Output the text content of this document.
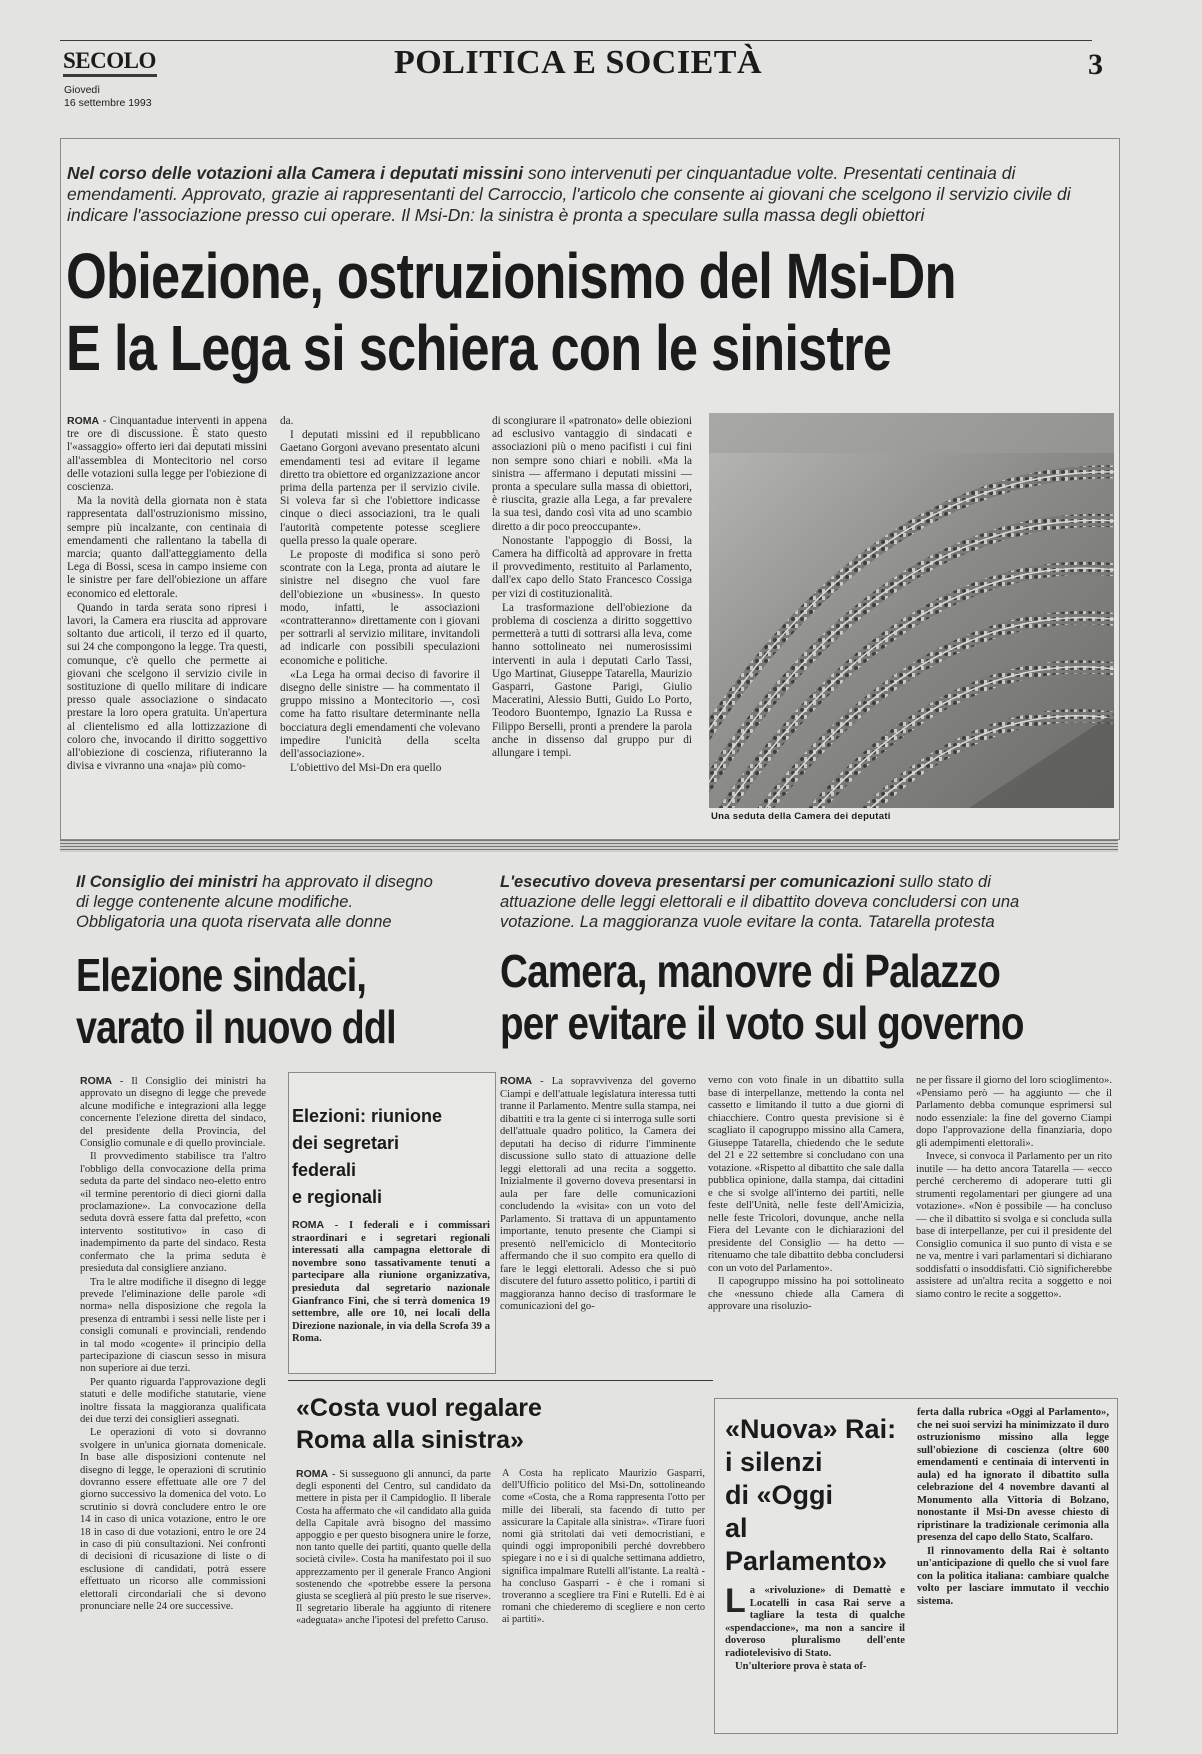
SECOLO
Giovedì
16 settembre 1993
POLITICA E SOCIETÀ	3
Nel corso delle votazioni alla Camera i deputati missini sono intervenuti per cinquantadue volte. Presentati centinaia di emendamenti. Approvato, grazie ai rappresentanti del Carroccio, l'articolo che consente ai giovani che scelgono il servizio civile di indicare l'associazione presso cui operare. Il Msi-Dn: la sinistra è pronta a speculare sulla massa degli obiettori
Obiezione, ostruzionismo del Msi-Dn
E la Lega si schiera con le sinistre

ROMA - Cinquantadue interventi in appena tre ore di discussione. È stato questo l'«assaggio» offerto ieri dai deputati missini all'assemblea di Montecitorio nel corso delle votazioni sulla legge per l'obiezione di coscienza.

Ma la novità della giornata non è stata rappresentata dall'ostruzionismo missino, sempre più incalzante, con centinaia di emendamenti che rallentano la tabella di marcia; quanto dall'atteggiamento della Lega di Bossi, scesa in campo insieme con le sinistre per fare dell'obiezione un affare economico ed elettorale.

Quando in tarda serata sono ripresi i lavori, la Camera era riuscita ad approvare soltanto due articoli, il terzo ed il quarto, sui 24 che compongono la legge. Tra questi, comunque, c'è quello che permette ai giovani che scelgono il servizio civile in sostituzione di quello militare di indicare presso quale associazione o sindacato prestare la loro opera gratuita. Un'apertura al clientelismo ed alla lottizzazione di coloro che, invocando il diritto soggettivo all'obiezione di coscienza, rifiuteranno la divisa e vivranno una «naja» più como-

da.

I deputati missini ed il repubblicano Gaetano Gorgoni avevano presentato alcuni emendamenti tesi ad evitare il legame diretto tra obiettore ed organizzazione ancor prima della partenza per il servizio civile. Si voleva far sì che l'obiettore indicasse cinque o dieci associazioni, tra le quali l'autorità competente potesse scegliere quella presso la quale operare.

Le proposte di modifica si sono però scontrate con la Lega, pronta ad aiutare le sinistre nel disegno che vuol fare dell'obiezione un «business». In questo modo, infatti, le associazioni «contratteranno» direttamente con i giovani per sottrarli al servizio militare, invitandoli ad indicarle con possibili speculazioni economiche e politiche.

«La Lega ha ormai deciso di favorire il disegno delle sinistre — ha commentato il gruppo missino a Montecitorio —, così come ha fatto risultare determinante nella bocciatura degli emendamenti che volevano impedire l'unicità della scelta dell'associazione».

L'obiettivo del Msi-Dn era quello

di scongiurare il «patronato» delle obiezioni ad esclusivo vantaggio di sindacati e associazioni più o meno pacifisti i cui fini non sempre sono chiari e nobili. «Ma la sinistra — affermano i deputati missini — pronta a speculare sulla massa di obiettori, è riuscita, grazie alla Lega, a far prevalere la sua tesi, dando così vita ad uno scambio diretto a dir poco preoccupante».

Nonostante l'appoggio di Bossi, la Camera ha difficoltà ad approvare in fretta il provvedimento, restituito al Parlamento, dall'ex capo dello Stato Francesco Cossiga per vizi di costituzionalità.

La trasformazione dell'obiezione da problema di coscienza a diritto soggettivo permetterà a tutti di sottrarsi alla leva, come hanno sottolineato nei numerosissimi interventi in aula i deputati Carlo Tassi, Ugo Martinat, Giuseppe Tatarella, Maurizio Gasparri, Gastone Parigi, Giulio Maceratini, Alessio Butti, Guido Lo Porto, Teodoro Buontempo, Ignazio La Russa e Filippo Berselli, pronti a prendere la parola anche in dissenso dal gruppo pur di allungare i tempi.

Una seduta della Camera dei deputati
Il Consiglio dei ministri ha approvato il disegno di legge contenente alcune modifiche. Obbligatoria una quota riservata alle donne
Elezione sindaci,
varato il nuovo ddl

ROMA - Il Consiglio dei ministri ha approvato un disegno di legge che prevede alcune modifiche e integrazioni alla legge concernente l'elezione diretta del sindaco, del presidente della Provincia, del Consiglio comunale e di quello provinciale.

Il provvedimento stabilisce tra l'altro l'obbligo della convocazione della prima seduta da parte del sindaco neo-eletto entro «il termine perentorio di dieci giorni dalla proclamazione». La convocazione della seduta dovrà essere fatta dal prefetto, «con intervento sostitutivo» in caso di inadempimento da parte del sindaco. Resta confermato che la prima seduta è presieduta dal consigliere anziano.

Tra le altre modifiche il disegno di legge prevede l'eliminazione delle parole «di norma» nella disposizione che regola la presenza di entrambi i sessi nelle liste per i consigli comunali e provinciali, rendendo in tal modo «cogente» il principio della partecipazione di ciascun sesso in misura non superiore ai due terzi.

Per quanto riguarda l'approvazione degli statuti e delle modifiche statutarie, viene inoltre fissata la maggioranza qualificata dei due terzi dei consiglieri assegnati.

Le operazioni di voto si dovranno svolgere in un'unica giornata domenicale. In base alle disposizioni contenute nel disegno di legge, le operazioni di scrutinio dovranno essere effettuate alle ore 7 del giorno successivo la domenica del voto. Lo scrutinio si dovrà concludere entro le ore 14 in caso di unica votazione, entro le ore 18 in caso di due votazioni, entro le ore 24 in caso di più consultazioni. Nei confronti di decisioni di ricusazione di liste o di esclusione di candidati, potrà essere effettuato un ricorso alle commissioni elettorali circondariali che si devono pronunciare nelle 24 ore successive.

Elezioni: riunione
dei segretari
federali
e regionali

ROMA - I federali e i commissari straordinari e i segretari regionali interessati alla campagna elettorale di novembre sono tassativamente tenuti a partecipare alla riunione organizzativa, presieduta dal segretario nazionale Gianfranco Fini, che si terrà domenica 19 settembre, alle ore 10, nei locali della Direzione nazionale, in via della Scrofa 39 a Roma.

L'esecutivo doveva presentarsi per comunicazioni sullo stato di attuazione delle leggi elettorali e il dibattito doveva concludersi con una votazione. La maggioranza vuole evitare la conta. Tatarella protesta
Camera, manovre di Palazzo
per evitare il voto sul governo

ROMA - La sopravvivenza del governo Ciampi e dell'attuale legislatura interessa tutti tranne il Parlamento. Mentre sulla stampa, nei dibattiti e tra la gente ci si interroga sulle sorti dell'attuale quadro politico, la Camera dei deputati ha deciso di ridurre l'imminente discussione sullo stato di attuazione delle leggi elettorali ad una recita a soggetto. Inizialmente il governo doveva presentarsi in aula per fare delle comunicazioni concludendo la «visita» con un voto del Parlamento. Si trattava di un appuntamento importante, tenuto presente che Ciampi si presentò nell'emiciclo di Montecitorio affermando che il suo compito era quello di fare le leggi elettorali. Adesso che si può discutere del futuro assetto politico, i partiti di maggioranza hanno deciso di trasformare le comunicazioni del go-

verno con voto finale in un dibattito sulla base di interpellanze, mettendo la conta nel cassetto e limitando il tutto a due giorni di chiacchiere. Contro questa previsione si è scagliato il capogruppo missino alla Camera, Giuseppe Tatarella, chiedendo che le sedute del 21 e 22 settembre si concludano con una votazione. «Rispetto al dibattito che sale dalla pubblica opinione, dalla stampa, dai cittadini e che si svolge all'interno dei partiti, nelle feste dell'Unità, nelle feste dell'Amicizia, nelle feste Tricolori, dovunque, anche nella Fiera del Levante con le dichiarazioni del presidente del Consiglio — ha detto — ritenuamo che tale dibattito debba concludersi con un voto del Parlamento».

Il capogruppo missino ha poi sottolineato che «nessuno chiede alla Camera di approvare una risoluzio-

ne per fissare il giorno del loro scioglimento». «Pensiamo però — ha aggiunto — che il Parlamento debba comunque esprimersi sul nodo essenziale: la fine del governo Ciampi dopo l'approvazione della finanziaria, dopo gli adempimenti elettorali».

Invece, si convoca il Parlamento per un rito inutile — ha detto ancora Tatarella — «ecco perché cercheremo di adoperare tutti gli strumenti regolamentari per giungere ad una votazione». «Non è possibile — ha concluso — che il dibattito si svolga e si concluda sulla base di interpellanze, per cui il presidente del Consiglio comunica il suo punto di vista e se ne va, mentre i vari parlamentari si dichiarano soddisfatti o insoddisfatti. Ciò significherebbe assistere ad un'altra recita a soggetto e noi siamo contro le recite a soggetto».

«Costa vuol regalare
Roma alla sinistra»

ROMA - Si susseguono gli annunci, da parte degli esponenti del Centro, sul candidato da mettere in pista per il Campidoglio. Il liberale Costa ha affermato che «il candidato alla guida della Capitale avrà bisogno del massimo appoggio e per questo bisognera unire le forze, non tanto quelle dei partiti, quanto quelle della società civile». Costa ha manifestato poi il suo apprezzamento per il generale Franco Angioni sostenendo che «potrebbe essere la persona giusta se sceglierà al più presto le sue riserve». Il segretario liberale ha aggiunto di ritenere «adeguata» anche l'ipotesi del prefetto Caruso.

A Costa ha replicato Maurizio Gasparri, dell'Ufficio politico del Msi-Dn, sottolineando come «Costa, che a Roma rappresenta l'otto per mille dei liberali, sta facendo di tutto per assicurare la Capitale alla sinistra». «Tirare fuori nomi già stritolati dai veti democristiani, e quindi oggi improponibili perché dovrebbero spiegare i no e i sì di qualche settimana addietro, significa impalmare Rutelli all'istante. La realtà - ha concluso Gasparri - è che i romani si troveranno a scegliere tra Fini e Rutelli. Ed è ai romani che chiederemo di scegliere e non certo ai partiti».

«Nuova» Rai:
i silenzi
di «Oggi
al
Parlamento»
La «rivoluzione» di Demattè e Locatelli in casa Rai serve a tagliare la testa di qualche «spendaccione», ma non a sancire il doveroso pluralismo dell'ente radiotelevisivo di Stato.

Un'ulteriore prova è stata of-

ferta dalla rubrica «Oggi al Parlamento», che nei suoi servizi ha minimizzato il duro ostruzionismo missino alla legge sull'obiezione di coscienza (oltre 600 emendamenti e centinaia di interventi in aula) ed ha ignorato il dibattito sulla celebrazione del 4 novembre davanti al Monumento alla Vittoria di Bolzano, nonostante il Msi-Dn avesse chiesto di ripristinare la tradizionale cerimonia alla presenza del capo dello Stato, Scalfaro.

Il rinnovamento della Rai è soltanto un'anticipazione di quello che si vuol fare con la politica italiana: cambiare qualche volto per lasciare immutato il vecchio sistema.
